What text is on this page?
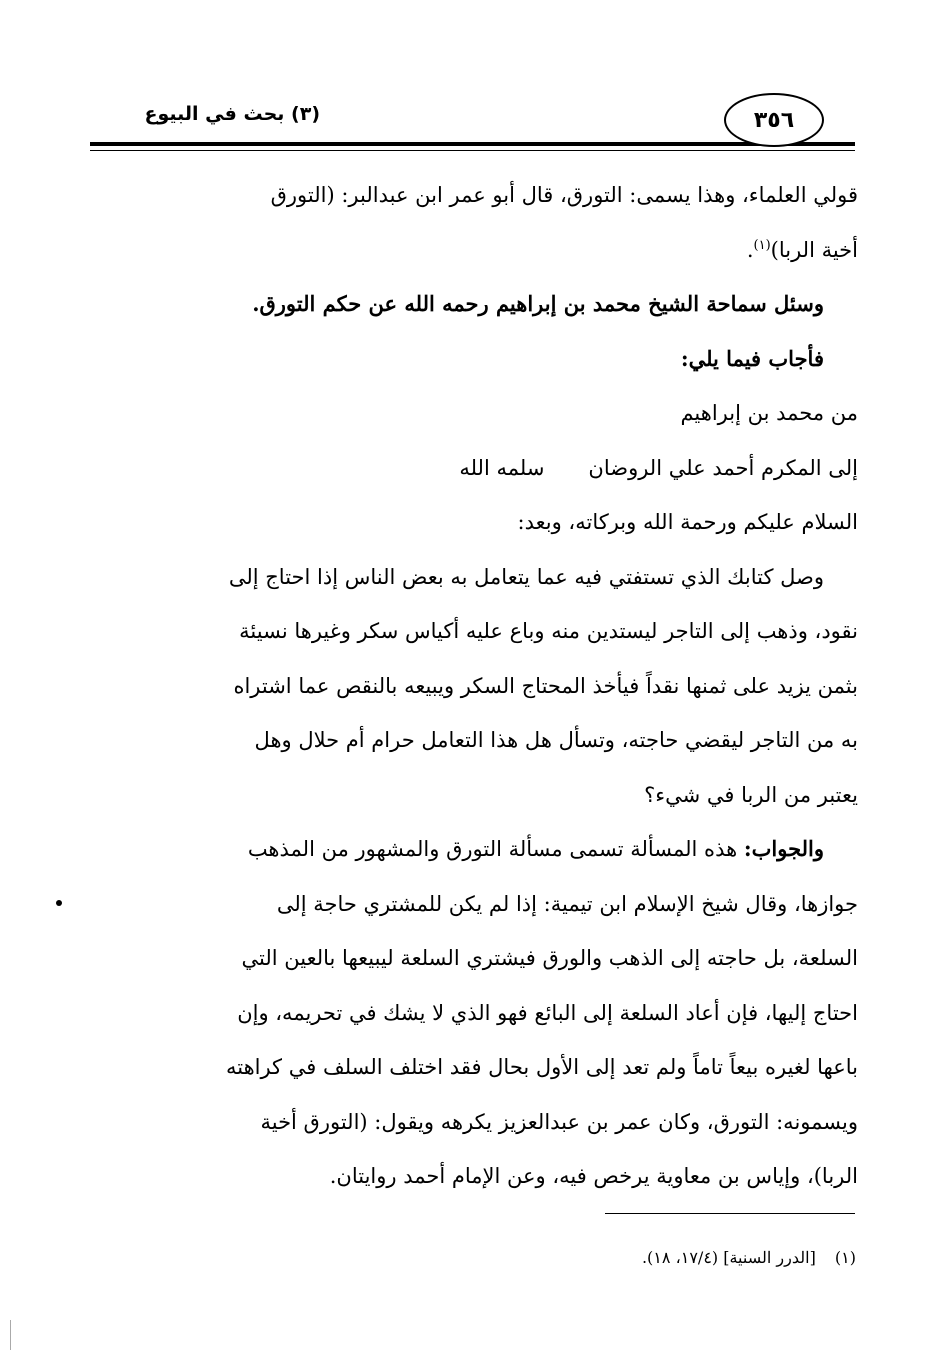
٣٥٦
(٣) بحث في البيوع

قولي العلماء، وهذا يسمى: التورق، قال أبو عمر ابن عبدالبر: (التورق
أخية الربا)$^{(١)}$.

وسئل سماحة الشيخ محمد بن إبراهيم رحمه الله عن حكم التورق.

فأجاب فيما يلي:

من محمد بن إبراهيم

إلى المكرم أحمد علي الروضانسلمه الله

السلام عليكم ورحمة الله وبركاته، وبعد:

وصل كتابك الذي تستفتي فيه عما يتعامل به بعض الناس إذا احتاج إلى
نقود، وذهب إلى التاجر ليستدين منه وباع عليه أكياس سكر وغيرها نسيئة
بثمن يزيد على ثمنها نقداً فيأخذ المحتاج السكر ويبيعه بالنقص عما اشتراه
به من التاجر ليقضي حاجته، وتسأل هل هذا التعامل حرام أم حلال وهل
يعتبر من الربا في شيء؟

والجواب: هذه المسألة تسمى مسألة التورق والمشهور من المذهب
جوازها، وقال شيخ الإسلام ابن تيمية: إذا لم يكن للمشتري حاجة إلى
السلعة، بل حاجته إلى الذهب والورق فيشتري السلعة ليبيعها بالعين التي
احتاج إليها، فإن أعاد السلعة إلى البائع فهو الذي لا يشك في تحريمه، وإن
باعها لغيره بيعاً تاماً ولم تعد إلى الأول بحال فقد اختلف السلف في كراهته
ويسمونه: التورق، وكان عمر بن عبدالعزيز يكرهه ويقول: (التورق أخية
الربا)، وإياس بن معاوية يرخص فيه، وعن الإمام أحمد روايتان.

(١) [الدرر السنية] (١٧/٤، ١٨).
